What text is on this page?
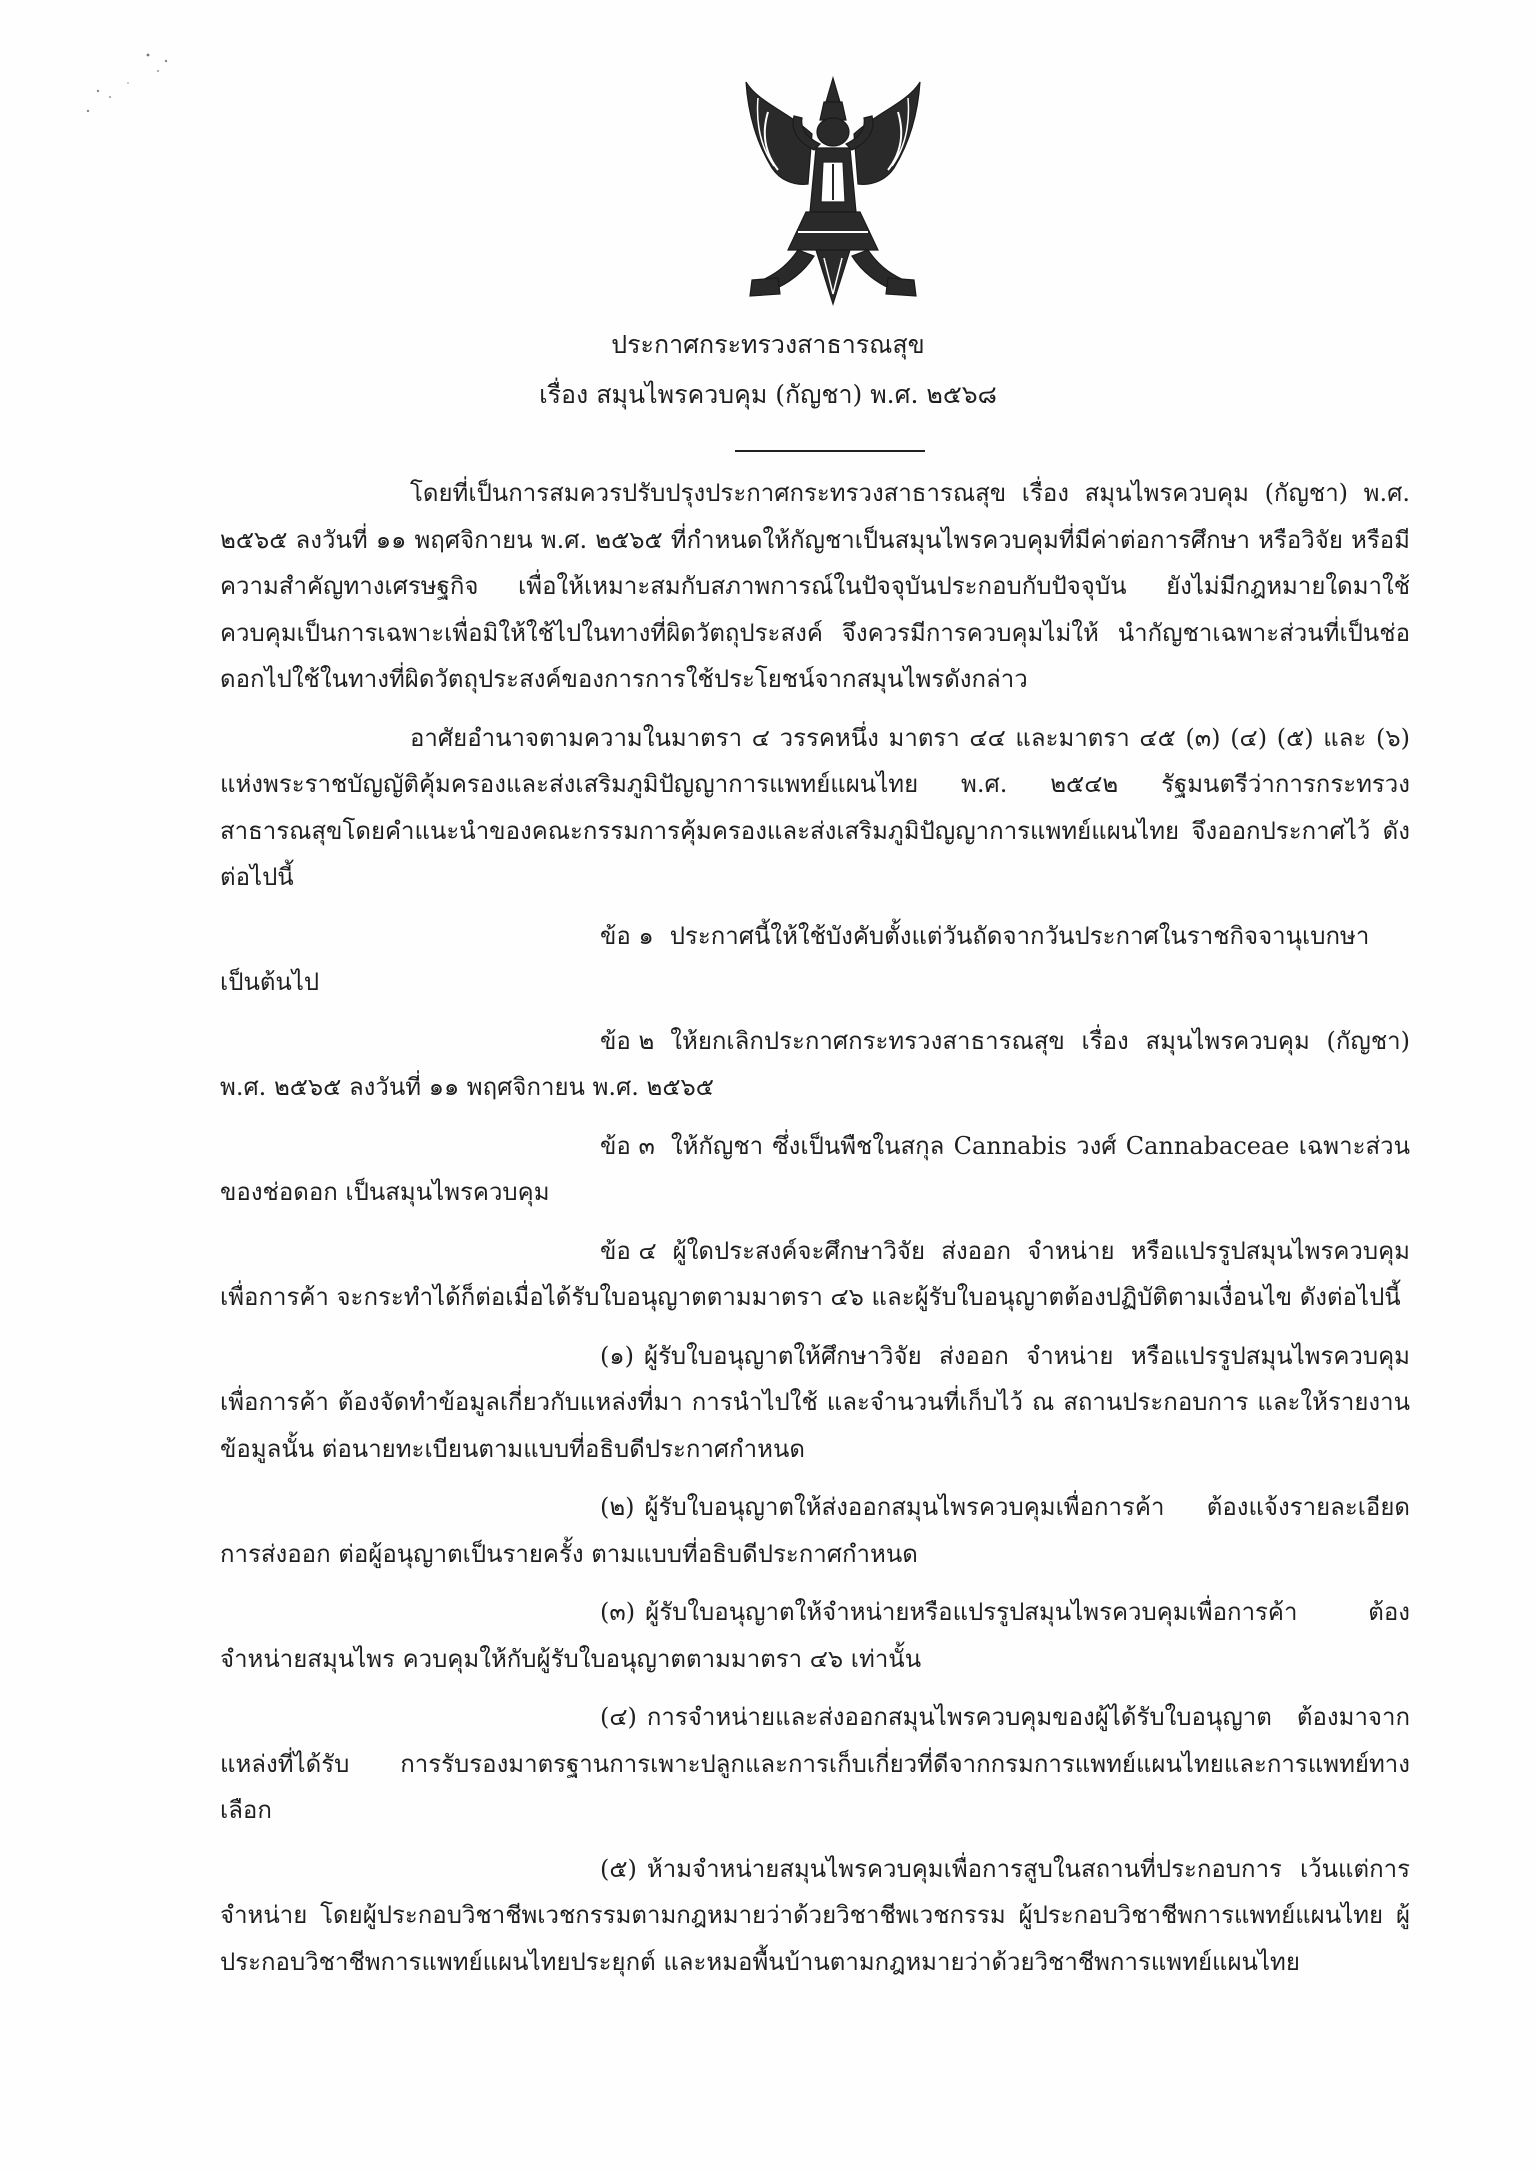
ประกาศกระทรวงสาธารณสุข
เรื่อง สมุนไพรควบคุม (กัญชา) พ.ศ. ๒๕๖๘

โดยที่เป็นการสมควรปรับปรุงประกาศกระทรวงสาธารณสุข เรื่อง สมุนไพรควบคุม (กัญชา) พ.ศ. ๒๕๖๕ ลงวันที่ ๑๑ พฤศจิกายน พ.ศ. ๒๕๖๕ ที่กำหนดให้กัญชาเป็นสมุนไพรควบคุมที่มีค่าต่อการศึกษา หรือวิจัย หรือมีความสำคัญทางเศรษฐกิจ เพื่อให้เหมาะสมกับสภาพการณ์ในปัจจุบันประกอบกับปัจจุบัน ยังไม่มีกฎหมายใดมาใช้ควบคุมเป็นการเฉพาะเพื่อมิให้ใช้ไปในทางที่ผิดวัตถุประสงค์ จึงควรมีการควบคุมไม่ให้ นำกัญชาเฉพาะส่วนที่เป็นช่อดอกไปใช้ในทางที่ผิดวัตถุประสงค์ของการการใช้ประโยชน์จากสมุนไพรดังกล่าว

อาศัยอำนาจตามความในมาตรา ๔ วรรคหนึ่ง มาตรา ๔๔ และมาตรา ๔๕ (๓) (๔) (๕) และ (๖) แห่งพระราชบัญญัติคุ้มครองและส่งเสริมภูมิปัญญาการแพทย์แผนไทย พ.ศ. ๒๕๔๒ รัฐมนตรีว่าการกระทรวง สาธารณสุขโดยคำแนะนำของคณะกรรมการคุ้มครองและส่งเสริมภูมิปัญญาการแพทย์แผนไทย จึงออกประกาศไว้ ดังต่อไปนี้

ข้อ ๑ ประกาศนี้ให้ใช้บังคับตั้งแต่วันถัดจากวันประกาศในราชกิจจานุเบกษาเป็นต้นไป

ข้อ ๒ ให้ยกเลิกประกาศกระทรวงสาธารณสุข เรื่อง สมุนไพรควบคุม (กัญชา) พ.ศ. ๒๕๖๕ ลงวันที่ ๑๑ พฤศจิกายน พ.ศ. ๒๕๖๕

ข้อ ๓ ให้กัญชา ซึ่งเป็นพืชในสกุล Cannabis วงศ์ Cannabaceae เฉพาะส่วนของช่อดอก เป็นสมุนไพรควบคุม

ข้อ ๔ ผู้ใดประสงค์จะศึกษาวิจัย ส่งออก จำหน่าย หรือแปรรูปสมุนไพรควบคุมเพื่อการค้า จะกระทำได้ก็ต่อเมื่อได้รับใบอนุญาตตามมาตรา ๔๖ และผู้รับใบอนุญาตต้องปฏิบัติตามเงื่อนไข ดังต่อไปนี้

(๑) ผู้รับใบอนุญาตให้ศึกษาวิจัย ส่งออก จำหน่าย หรือแปรรูปสมุนไพรควบคุมเพื่อการค้า ต้องจัดทำข้อมูลเกี่ยวกับแหล่งที่มา การนำไปใช้ และจำนวนที่เก็บไว้ ณ สถานประกอบการ และให้รายงานข้อมูลนั้น ต่อนายทะเบียนตามแบบที่อธิบดีประกาศกำหนด

(๒) ผู้รับใบอนุญาตให้ส่งออกสมุนไพรควบคุมเพื่อการค้า ต้องแจ้งรายละเอียดการส่งออก ต่อผู้อนุญาตเป็นรายครั้ง ตามแบบที่อธิบดีประกาศกำหนด

(๓) ผู้รับใบอนุญาตให้จำหน่ายหรือแปรรูปสมุนไพรควบคุมเพื่อการค้า ต้องจำหน่ายสมุนไพร ควบคุมให้กับผู้รับใบอนุญาตตามมาตรา ๔๖ เท่านั้น

(๔) การจำหน่ายและส่งออกสมุนไพรควบคุมของผู้ได้รับใบอนุญาต ต้องมาจากแหล่งที่ได้รับ การรับรองมาตรฐานการเพาะปลูกและการเก็บเกี่ยวที่ดีจากกรมการแพทย์แผนไทยและการแพทย์ทางเลือก

(๕) ห้ามจำหน่ายสมุนไพรควบคุมเพื่อการสูบในสถานที่ประกอบการ เว้นแต่การจำหน่าย โดยผู้ประกอบวิชาชีพเวชกรรมตามกฎหมายว่าด้วยวิชาชีพเวชกรรม ผู้ประกอบวิชาชีพการแพทย์แผนไทย ผู้ประกอบวิชาชีพการแพทย์แผนไทยประยุกต์ และหมอพื้นบ้านตามกฎหมายว่าด้วยวิชาชีพการแพทย์แผนไทย
